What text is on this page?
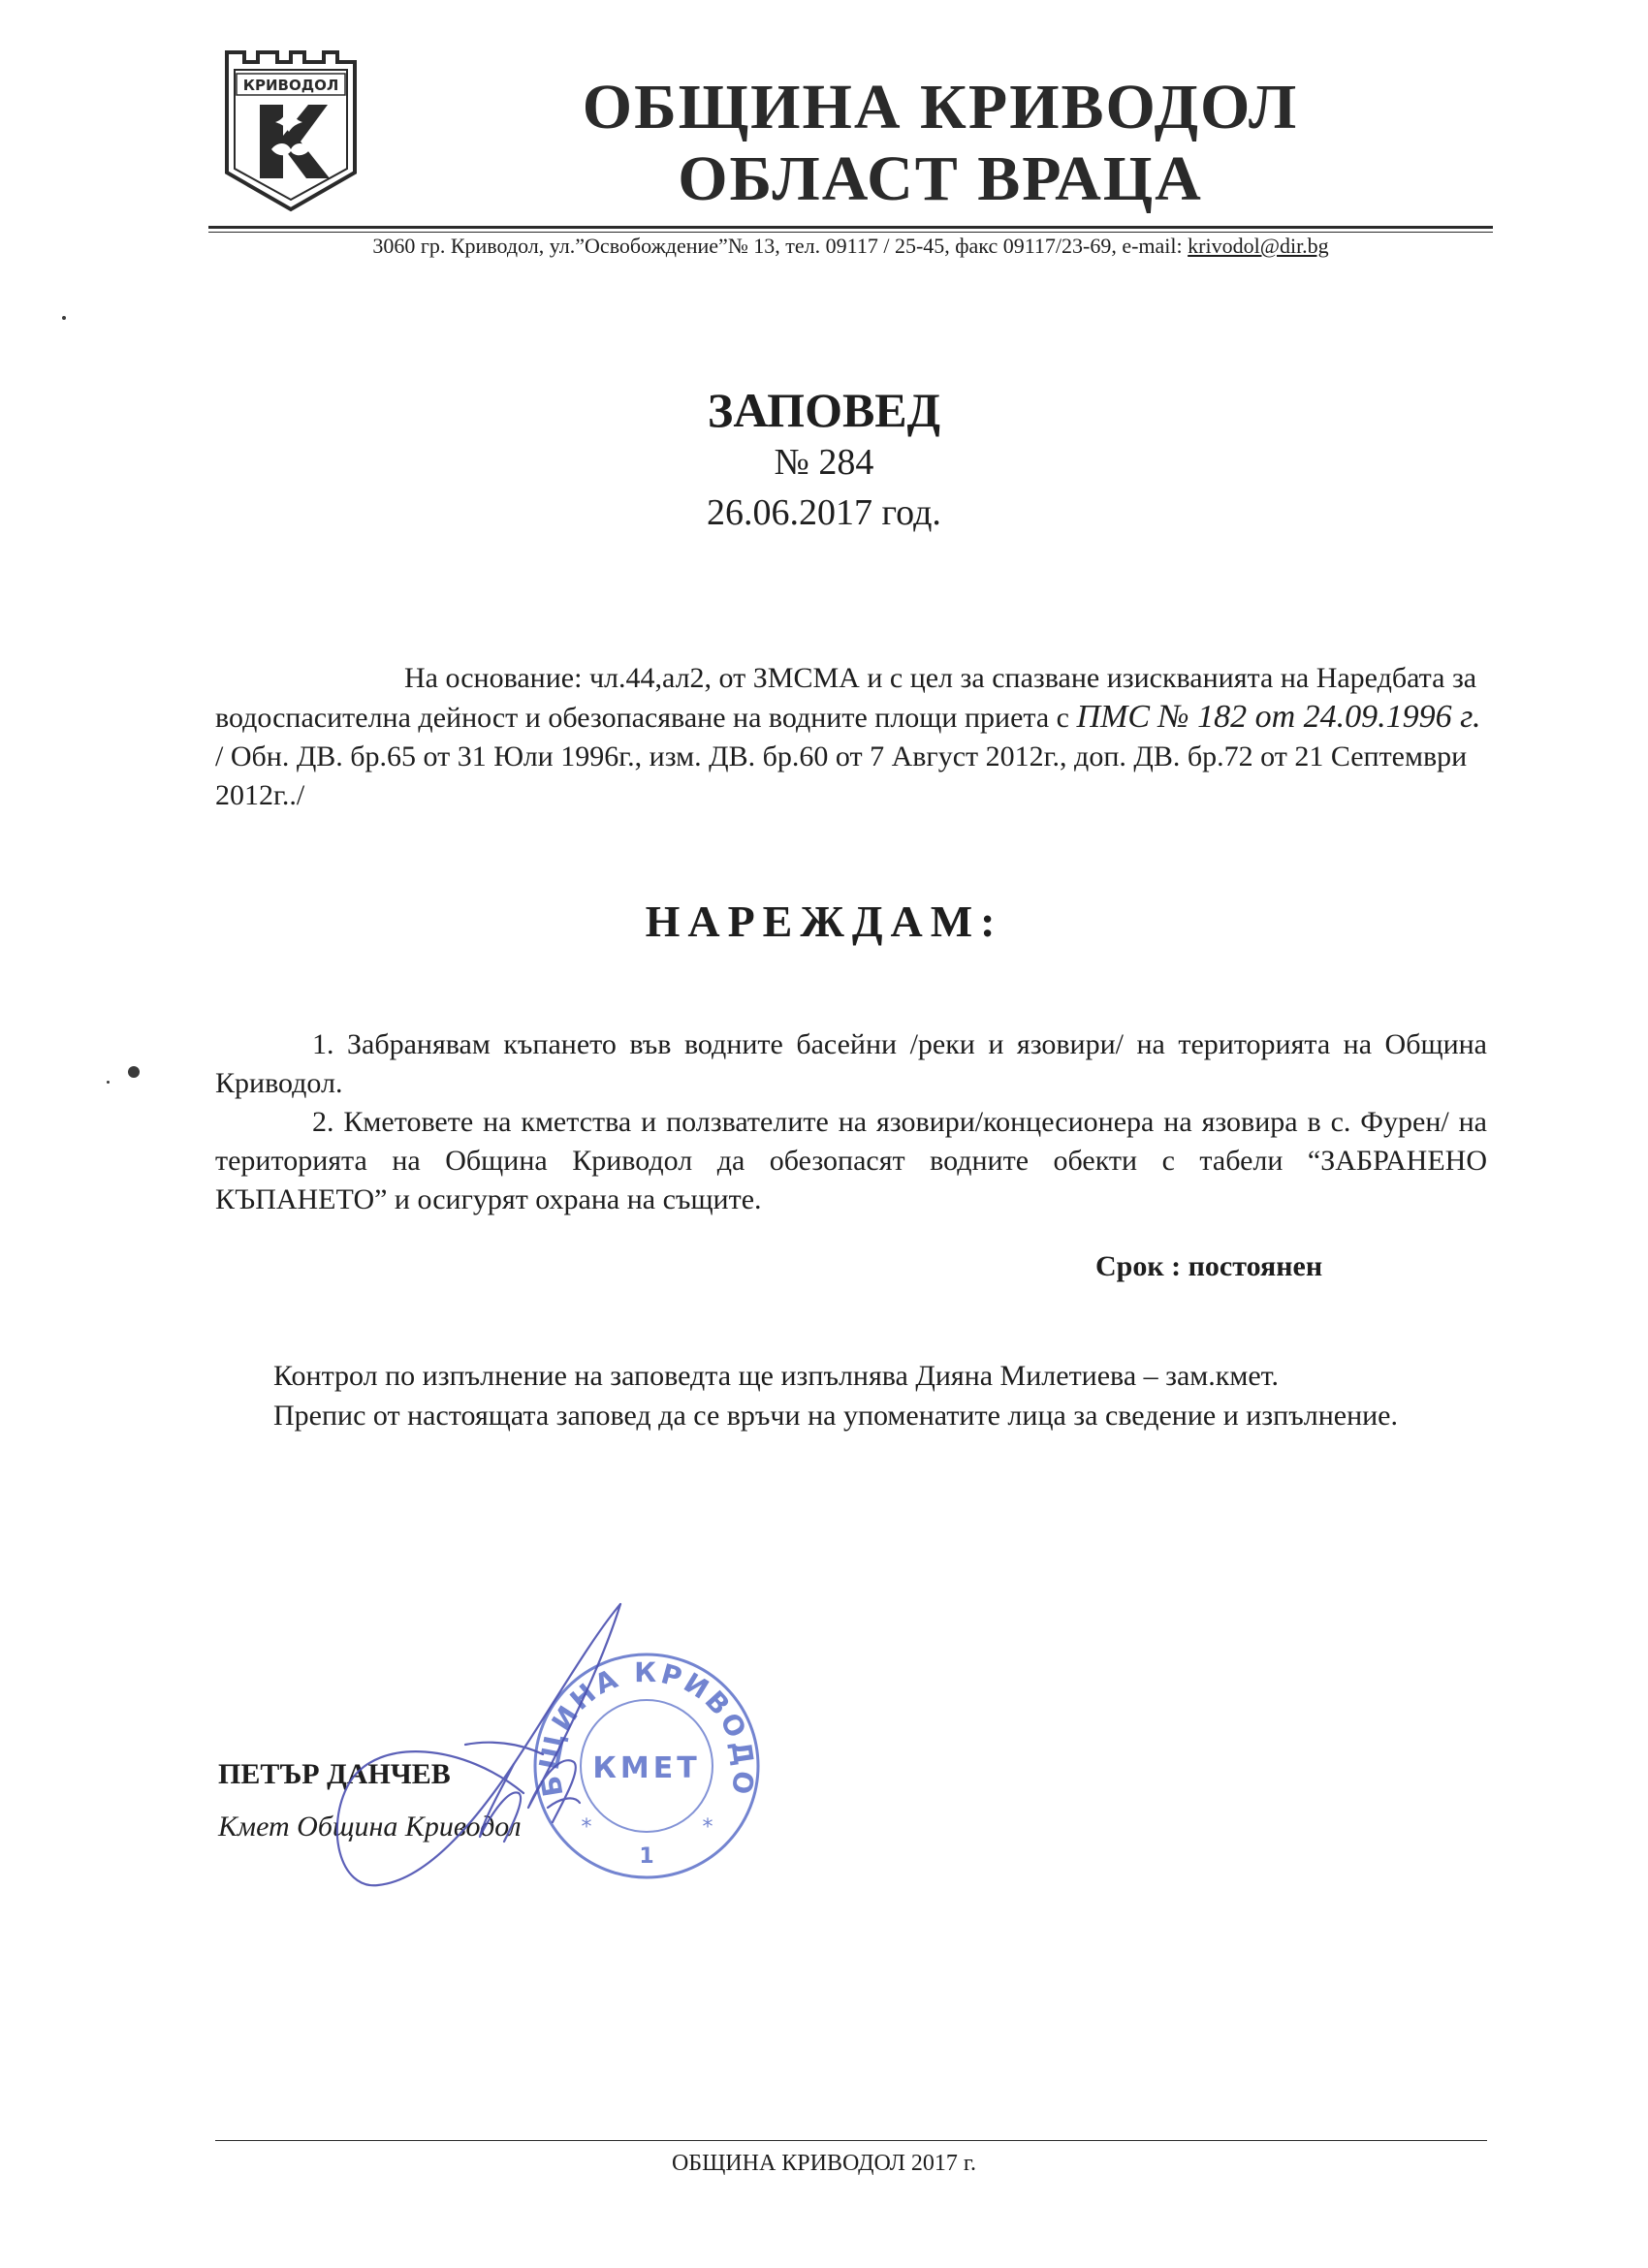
КРИВОДОЛ	ОБЩИНА КРИВОДОЛ
ОБЛАСТ ВРАЦА
3060 гр. Криводол, ул.”Освобождение”№ 13, тел. 09117 / 25-45, факс 09117/23-69, e-mail: krivodol@dir.bg
ЗАПОВЕД
№ 284
26.06.2017 год.
На основание: чл.44,ал2, от ЗМСМА и с цел за спазване изискванията на Наредбата за водоспасителна дейност и обезопасяване на водните площи приета с ПМС № 182 от 24.09.1996 г. / Обн. ДВ. бр.65 от 31 Юли 1996г., изм. ДВ. бр.60 от 7 Август 2012г., доп. ДВ. бр.72 от 21 Септември 2012г../
НАРЕЖДАМ:
1. Забранявам къпането във водните басейни /реки и язовири/ на територията на Община Криводол.
2. Кметовете на кметства и ползвателите на язовири/концесионера на язовира в с. Фурен/ на територията на Община Криводол да обезопасят водните обекти с табели “ЗАБРАНЕНО КЪПАНЕТО” и осигурят охрана на същите.
Срок : постоянен
Контрол по изпълнение на заповедта ще изпълнява Дияна Милетиева – зам.кмет.
Препис от настоящата заповед да се връчи на упоменатите лица за сведение и изпълнение.
БЩИНА КРИВОДО
КМЕТ
*	*
1
ПЕТЪР ДАНЧЕВ
Кмет Община Криводол
ОБЩИНА КРИВОДОЛ 2017 г.
